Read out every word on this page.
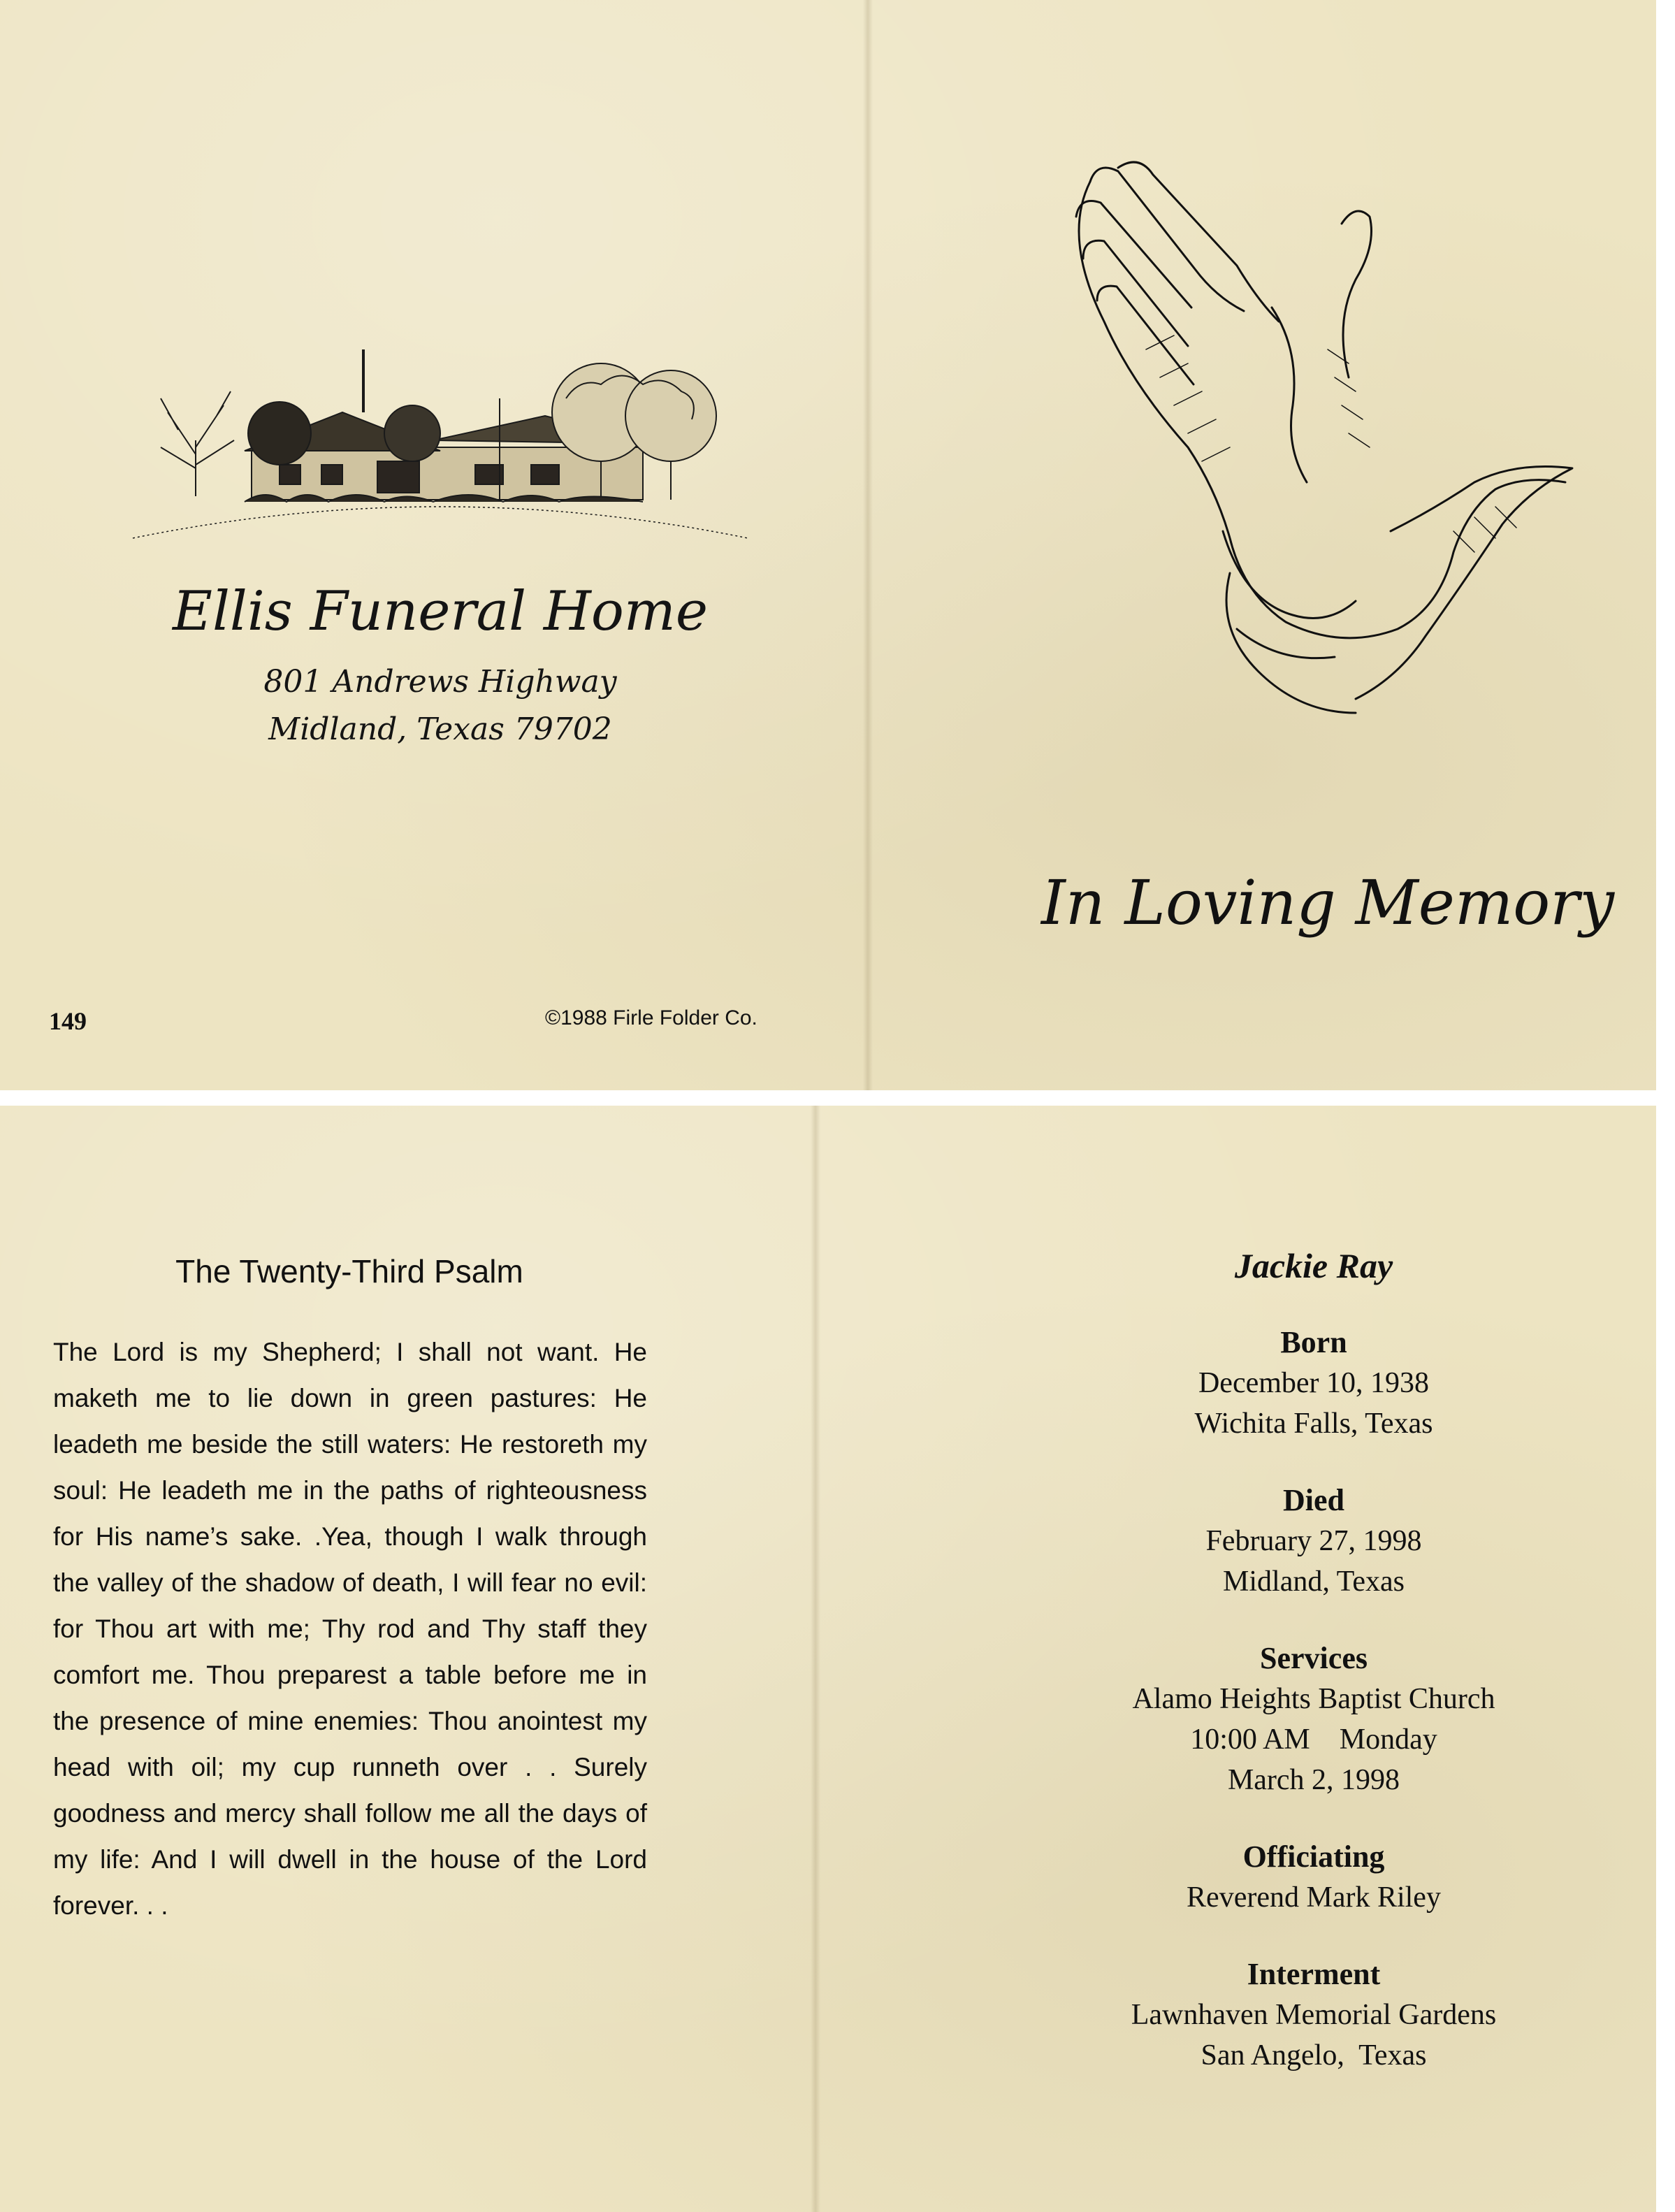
Ellis Funeral Home
801 Andrews Highway
Midland, Texas 79702
149	©1988 Firle Folder Co.
In Loving Memory
The Twenty-Third Psalm
The Lord is my Shepherd; I shall not want. He maketh me to lie down in green pastures: He leadeth me beside the still waters: He restoreth my soul: He leadeth me in the paths of righteousness for His name’s sake. .Yea, though I walk through the valley of the shadow of death, I will fear no evil: for Thou art with me; Thy rod and Thy staff they comfort me. Thou preparest a table before me in the presence of mine enemies: Thou anointest my head with oil; my cup runneth over . . Surely goodness and mercy shall follow me all the days of my life: And I will dwell in the house of the Lord forever. . .
Jackie Ray
Born
December 10, 1938
Wichita Falls, Texas
Died
February 27, 1998
Midland, Texas
Services
Alamo Heights Baptist Church
10:00 AM    Monday
March 2, 1998
Officiating
Reverend Mark Riley
Interment
Lawnhaven Memorial Gardens
San Angelo,  Texas
